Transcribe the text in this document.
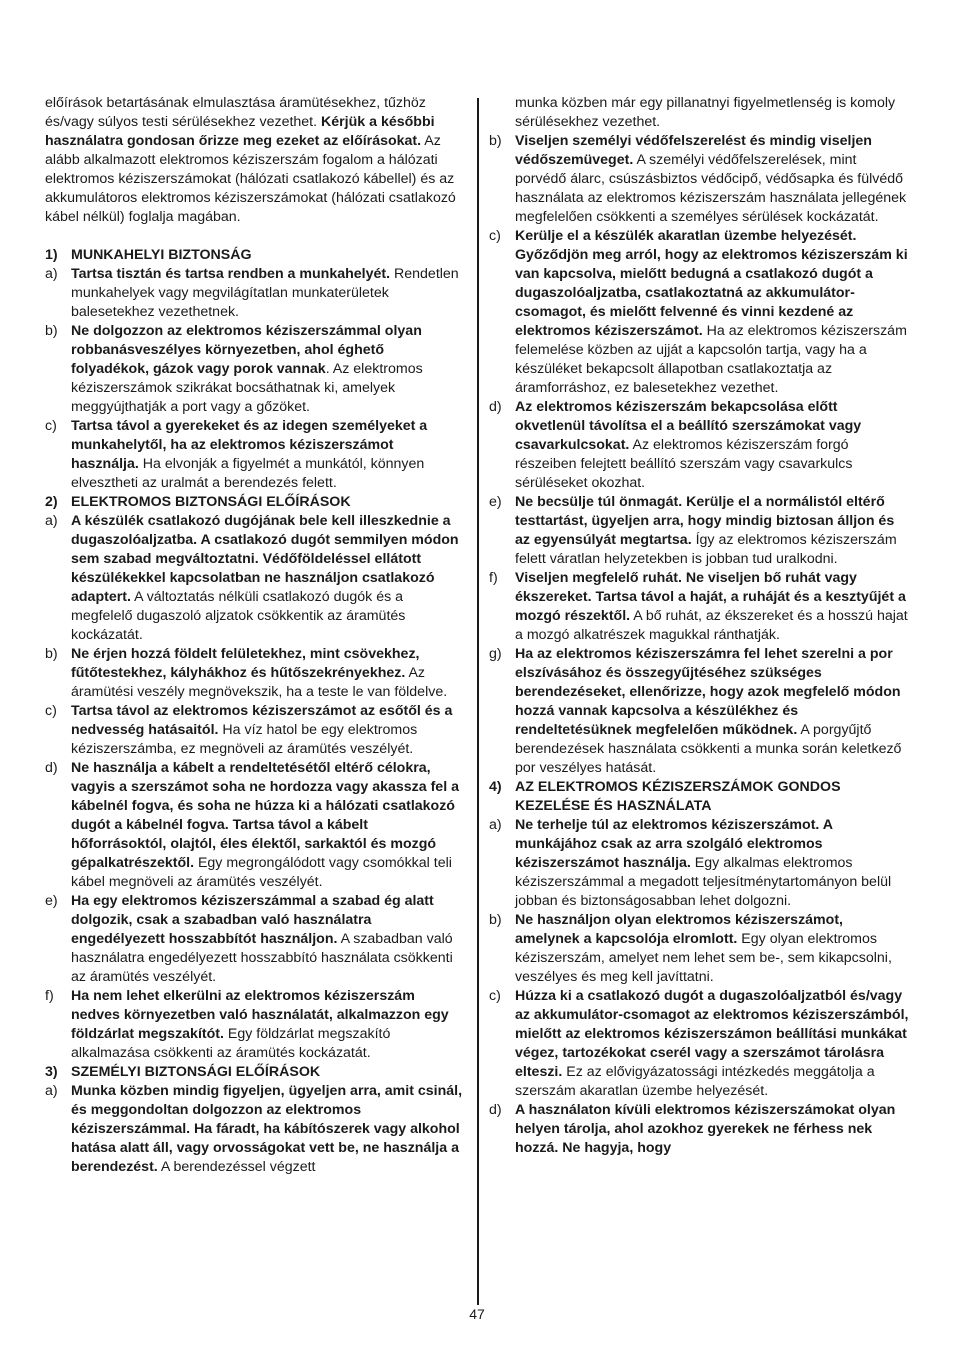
előírások betartásának elmulasztása áramütésekhez, tűzhöz és/vagy súlyos testi sérülésekhez vezethet. Kérjük a későbbi használatra gondosan őrizze meg ezeket az előírásokat. Az alább alkalmazott elektromos kéziszerszám fogalom a hálózati elektromos kéziszerszámokat (hálózati csatlakozó kábellel) és az akkumulátoros elektromos kéziszerszámokat (hálózati csatlakozó kábel nélkül) foglalja magában.

1) MUNKAHELYI BIZTONSÁG
a) Tartsa tisztán és tartsa rendben a munkahelyét. Rendetlen munkahelyek vagy megvilágítatlan munkaterületek balesetekhez vezethetnek.
b) Ne dolgozzon az elektromos kéziszerszámmal olyan robbanásveszélyes környezetben, ahol éghető folyadékok, gázok vagy porok vannak. Az elektromos kéziszerszámok szikrákat bocsáthatnak ki, amelyek meggyújthatják a port vagy a gőzöket.
c) Tartsa távol a gyerekeket és az idegen személyeket a munkahelytől, ha az elektromos kéziszerszámot használja. Ha elvonják a figyelmét a munkától, könnyen elvesztheti az uralmát a berendezés felett.
2) ELEKTROMOS BIZTONSÁGI ELŐÍRÁSOK
a) A készülék csatlakozó dugójának bele kell illeszkednie a dugaszolóaljzatba. A csatlakozó dugót semmilyen módon sem szabad megváltoztatni. Védőföldeléssel ellátott készülékekkel kapcsolatban ne használjon csatlakozó adaptert. A változtatás nélküli csatlakozó dugók és a megfelelő dugaszoló aljzatok csökkentik az áramütés kockázatát.
b) Ne érjen hozzá földelt felületekhez, mint csövekhez, fűtőtestekhez, kályhákhoz és hűtőszekrényekhez. Az áramütési veszély megnövekszik, ha a teste le van földelve.
c) Tartsa távol az elektromos kéziszerszámot az esőtől és a nedvesség hatásaitól. Ha víz hatol be egy elektromos kéziszerszámba, ez megnöveli az áramütés veszélyét.
d) Ne használja a kábelt a rendeltetésétől eltérő célokra, vagyis a szerszámot soha ne hordozza vagy akassza fel a kábelnél fogva, és soha ne húzza ki a hálózati csatlakozó dugót a kábelnél fogva. Tartsa távol a kábelt hőforrásoktól, olajtól, éles élektől, sarkaktól és mozgó gépalkatrészektől. Egy megrongálódott vagy csomókkal teli kábel megnöveli az áramütés veszélyét.
e) Ha egy elektromos kéziszerszámmal a szabad ég alatt dolgozik, csak a szabadban való használatra engedélyezett hosszabbítót használjon. A szabadban való használatra engedélyezett hosszabbító használata csökkenti az áramütés veszélyét.
f) Ha nem lehet elkerülni az elektromos kéziszerszám nedves környezetben való használatát, alkalmazzon egy földzárlat megszakítót. Egy földzárlat megszakító alkalmazása csökkenti az áramütés kockázatát.
3) SZEMÉLYI BIZTONSÁGI ELŐÍRÁSOK
a) Munka közben mindig figyeljen, ügyeljen arra, amit csinál, és meggondoltan dolgozzon az elektromos kéziszerszámmal. Ha fáradt, ha kábítószerek vagy alkohol hatása alatt áll, vagy orvosságokat vett be, ne használja a berendezést. A berendezéssel végzett
munka közben már egy pillanatnyi figyelmetlenség is komoly sérülésekhez vezethet.
b) Viseljen személyi védőfelszerelést és mindig viseljen védőszemüveget. A személyi védőfelszerelések, mint porvédő álarc, csúszásbiztos védőcipő, védősapka és fülvédő használata az elektromos kéziszerszám használata jellegének megfelelően csökkenti a személyes sérülések kockázatát.
c) Kerülje el a készülék akaratlan üzembe helyezését. Győződjön meg arról, hogy az elektromos kéziszerszám ki van kapcsolva, mielőtt bedugná a csatlakozó dugót a dugaszolóaljzatba, csatlakoztatná az akkumulátor-csomagot, és mielőtt felvenné és vinni kezdené az elektromos kéziszerszámot. Ha az elektromos kéziszerszám felemelése közben az ujját a kapcsolón tartja, vagy ha a készüléket bekapcsolt állapotban csatlakoztatja az áramforráshoz, ez balesetekhez vezethet.
d) Az elektromos kéziszerszám bekapcsolása előtt okvetlenül távolítsa el a beállító szerszámokat vagy csavarkulcsokat. Az elektromos kéziszerszám forgó részeiben felejtett beállító szerszám vagy csavarkulcs sérüléseket okozhat.
e) Ne becsülje túl önmagát. Kerülje el a normálistól eltérő testtartást, ügyeljen arra, hogy mindig biztosan álljon és az egyensúlyát megtartsa. Így az elektromos kéziszerszám felett váratlan helyzetekben is jobban tud uralkodni.
f) Viseljen megfelelő ruhát. Ne viseljen bő ruhát vagy ékszereket. Tartsa távol a haját, a ruháját és a kesztyűjét a mozgó részektől. A bő ruhát, az ékszereket és a hosszú hajat a mozgó alkatrészek magukkal ránthatják.
g) Ha az elektromos kéziszerszámra fel lehet szerelni a por elszívásához és összegyűjtéséhez szükséges berendezéseket, ellenőrizze, hogy azok megfelelő módon hozzá vannak kapcsolva a készülékhez és rendeltetésüknek megfelelően működnek. A porgyűjtő berendezések használata csökkenti a munka során keletkező por veszélyes hatását.
4) AZ ELEKTROMOS KÉZISZERSZÁMOK GONDOS KEZELÉSE ÉS HASZNÁLATA
a) Ne terhelje túl az elektromos kéziszerszámot. A munkájához csak az arra szolgáló elektromos kéziszerszámot használja. Egy alkalmas elektromos kéziszerszámmal a megadott teljesítménytartományon belül jobban és biztonságosabban lehet dolgozni.
b) Ne használjon olyan elektromos kéziszerszámot, amelynek a kapcsolója elromlott. Egy olyan elektromos kéziszerszám, amelyet nem lehet sem be-, sem kikapcsolni, veszélyes és meg kell javíttatni.
c) Húzza ki a csatlakozó dugót a dugaszolóaljzatból és/vagy az akkumulátor-csomagot az elektromos kéziszerszámból, mielőtt az elektromos kéziszerszámon beállítási munkákat végez, tartozékokat cserél vagy a szerszámot tárolásra elteszi. Ez az elővigyázatossági intézkedés meggátolja a szerszám akaratlan üzembe helyezését.
d) A használaton kívüli elektromos kéziszerszámokat olyan helyen tárolja, ahol azokhoz gyerekek ne férhess nek hozzá. Ne hagyja, hogy
47
